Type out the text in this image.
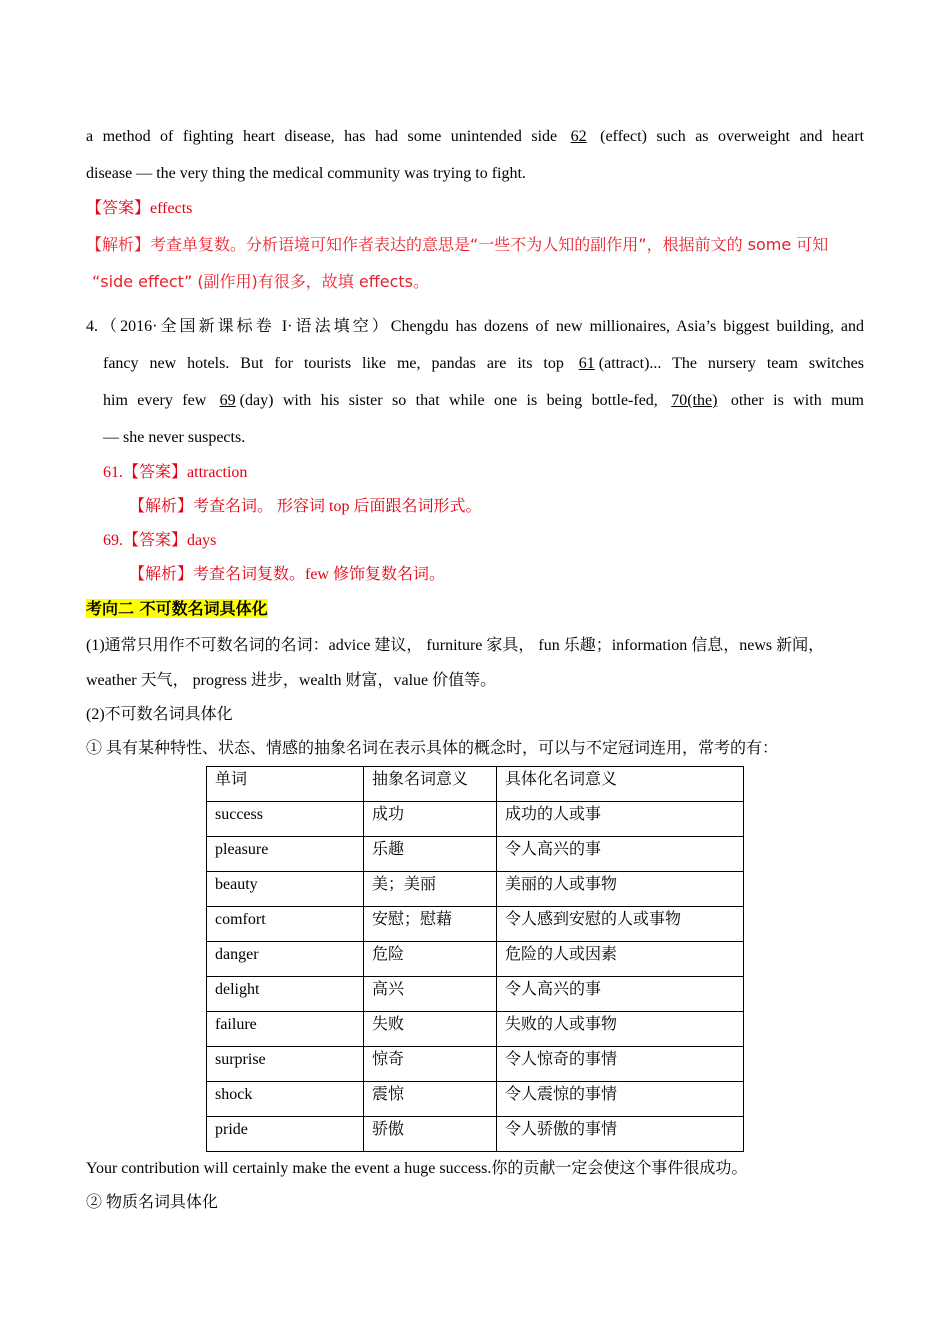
a method of fighting heart disease, has had some unintended side 62 (effect) such as overweight and heart

disease — the very thing the medical community was trying to fight.

【答案】effects

【解析】考查单复数。分析语境可知作者表达的意思是“一些不为人知的副作用”，根据前文的 some 可知
“side effect” (副作用)有很多，故填 effects。

4.（2016·全国新课标卷 I·语法填空）Chengdu has dozens of new millionaires, Asia’s biggest building, and

fancy new hotels. But for tourists like me, pandas are its top 61 (attract)... The nursery team switches

him every few 69 (day) with his sister so that while one is being bottle-fed, 70(the) other is with mum

— she never suspects.

61.【答案】attraction

【解析】考查名词。 形容词 top 后面跟名词形式。

69.【答案】days

【解析】考查名词复数。few 修饰复数名词。

考向二 不可数名词具体化

(1)通常只用作不可数名词的名词：advice 建议， furniture 家具， fun 乐趣；information 信息，news 新闻，

weather 天气， progress 进步，wealth 财富，value 价值等。

(2)不可数名词具体化

① 具有某种特性、状态、情感的抽象名词在表示具体的概念时，可以与不定冠词连用，常考的有：

单词	抽象名词意义	具体化名词意义
success	成功	成功的人或事
pleasure	乐趣	令人高兴的事
beauty	美；美丽	美丽的人或事物
comfort	安慰；慰藉	令人感到安慰的人或事物
danger	危险	危险的人或因素
delight	高兴	令人高兴的事
failure	失败	失败的人或事物
surprise	惊奇	令人惊奇的事情
shock	震惊	令人震惊的事情
pride	骄傲	令人骄傲的事情

Your contribution will certainly make the event a huge success.你的贡献一定会使这个事件很成功。

② 物质名词具体化
